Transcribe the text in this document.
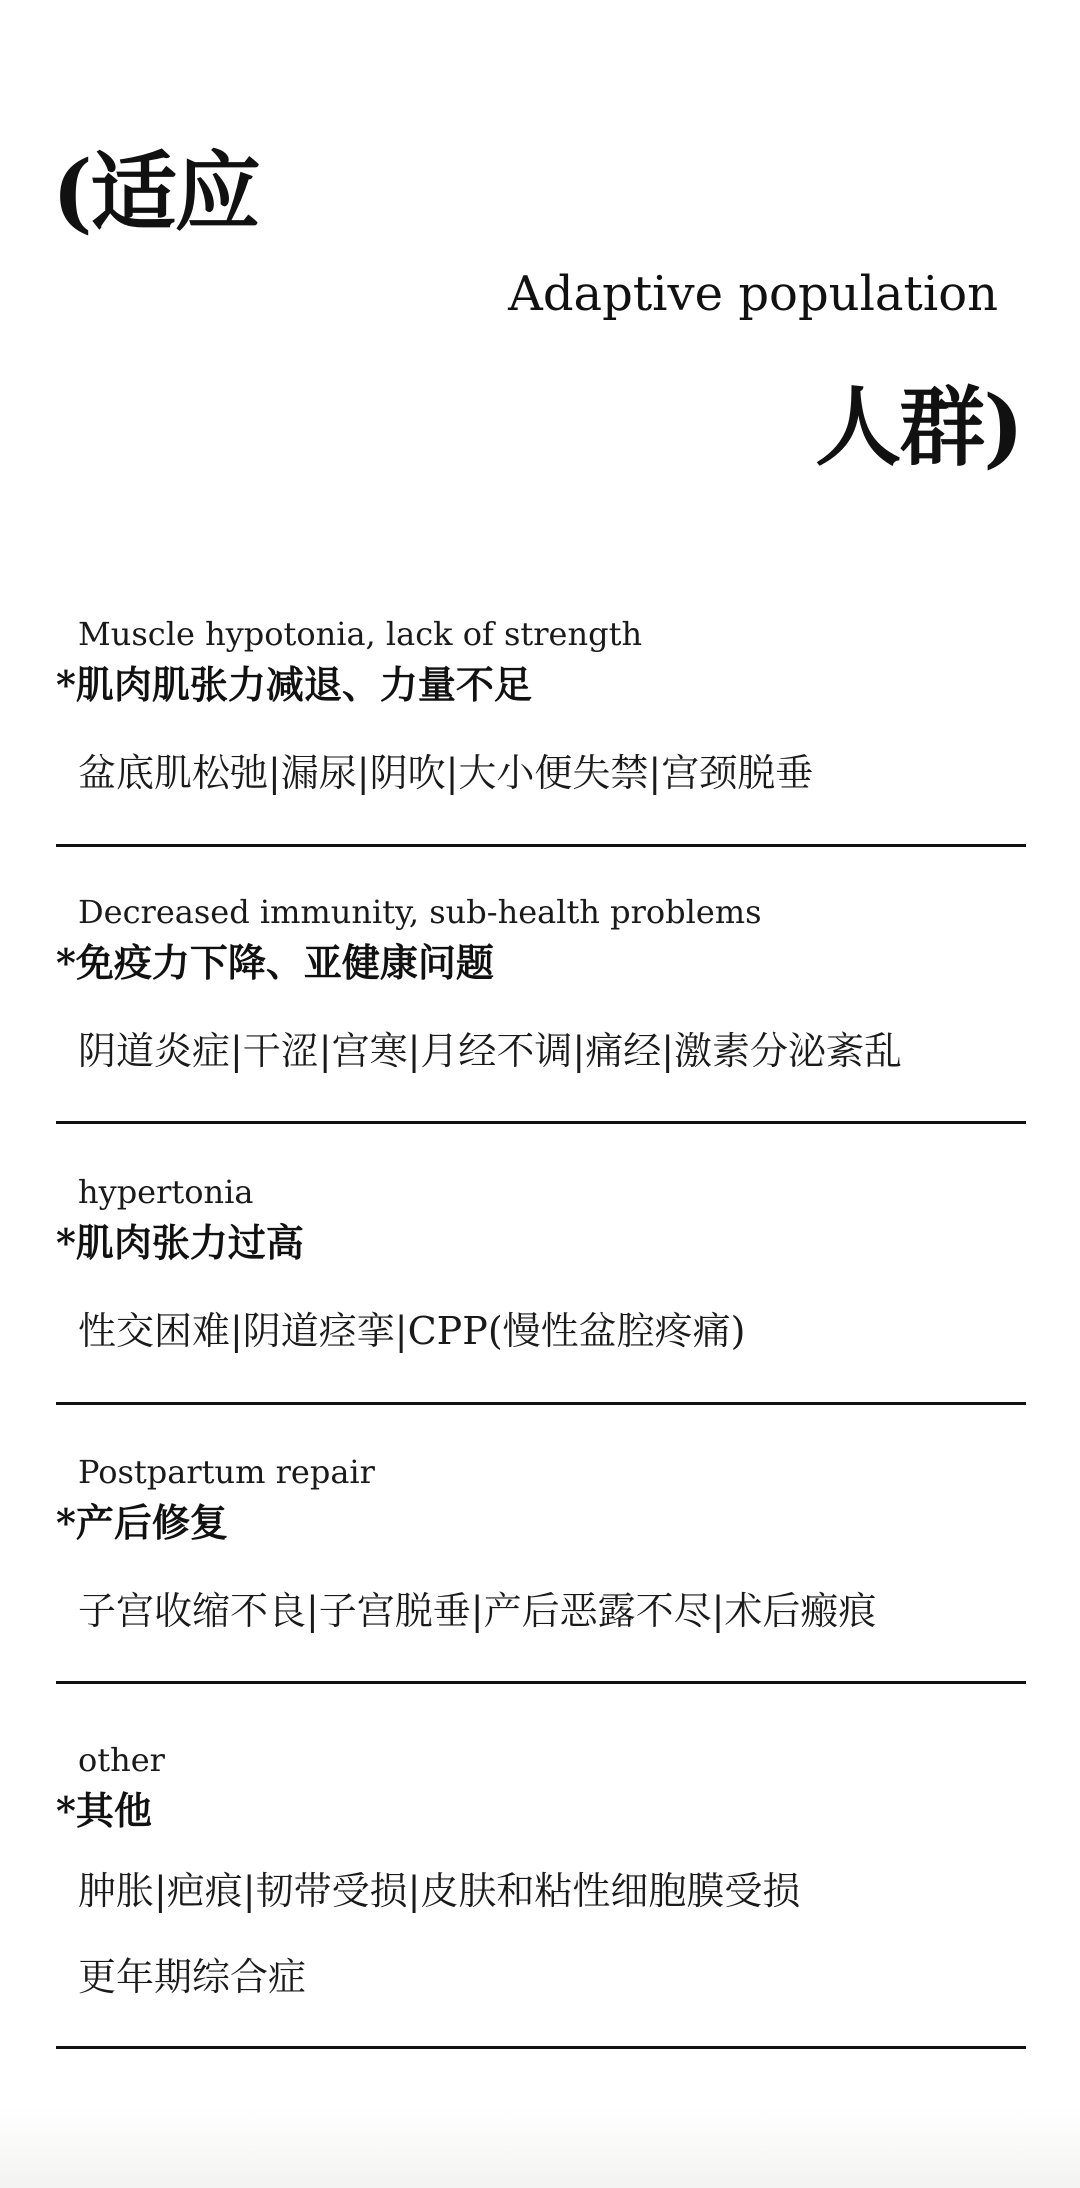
(适应
Adaptive population
人群)
Muscle hypotonia, lack of strength
*肌肉肌张力减退、力量不足
盆底肌松弛|漏尿|阴吹|大小便失禁|宫颈脱垂
Decreased immunity, sub-health problems
*免疫力下降、亚健康问题
阴道炎症|干涩|宫寒|月经不调|痛经|激素分泌紊乱
hypertonia
*肌肉张力过高
性交困难|阴道痉挛|CPP(慢性盆腔疼痛)
Postpartum repair
*产后修复
子宫收缩不良|子宫脱垂|产后恶露不尽|术后瘢痕
other
*其他
肿胀|疤痕|韧带受损|皮肤和粘性细胞膜受损
更年期综合症
